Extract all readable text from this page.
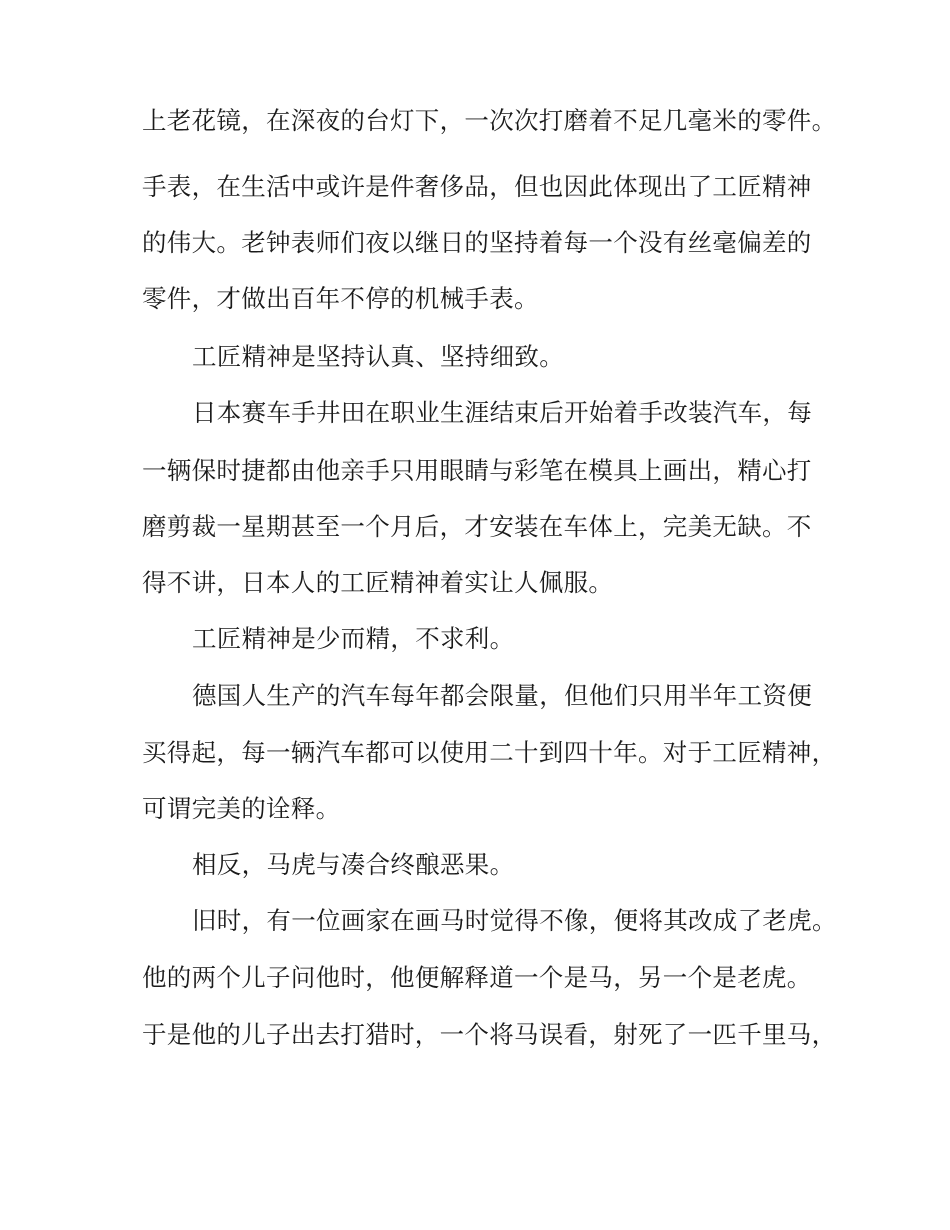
上老花镜，在深夜的台灯下，一次次打磨着不足几毫米的零件。
手表，在生活中或许是件奢侈品，但也因此体现出了工匠精神
的伟大。老钟表师们夜以继日的坚持着每一个没有丝毫偏差的
零件，才做出百年不停的机械手表。
工匠精神是坚持认真、坚持细致。
日本赛车手井田在职业生涯结束后开始着手改装汽车，每
一辆保时捷都由他亲手只用眼睛与彩笔在模具上画出，精心打
磨剪裁一星期甚至一个月后，才安装在车体上，完美无缺。不
得不讲，日本人的工匠精神着实让人佩服。
工匠精神是少而精，不求利。
德国人生产的汽车每年都会限量，但他们只用半年工资便
买得起，每一辆汽车都可以使用二十到四十年。对于工匠精神，
可谓完美的诠释。
相反，马虎与凑合终酿恶果。
旧时，有一位画家在画马时觉得不像，便将其改成了老虎。
他的两个儿子问他时，他便解释道一个是马，另一个是老虎。
于是他的儿子出去打猎时，一个将马误看，射死了一匹千里马，
